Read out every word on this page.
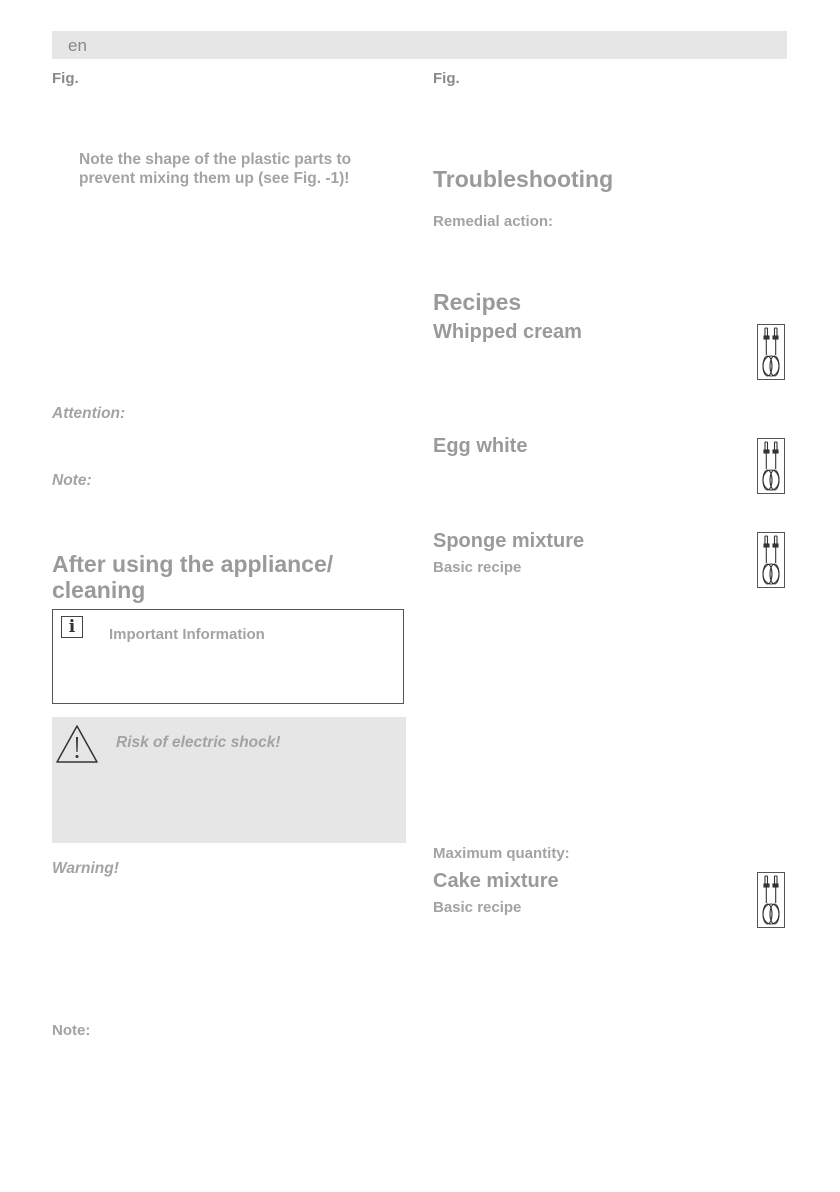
en
Fig.
Note the shape of the plastic parts to
prevent mixing them up (see Fig. -1)!
Attention:
Note:
After using the appliance/
cleaning
i	Important Information
Risk of electric shock!
Warning!
Note:
Fig.
Troubleshooting
Remedial action:
Recipes
Whipped cream
Egg white
Sponge mixture
Basic recipe
Maximum quantity:
Cake mixture
Basic recipe
